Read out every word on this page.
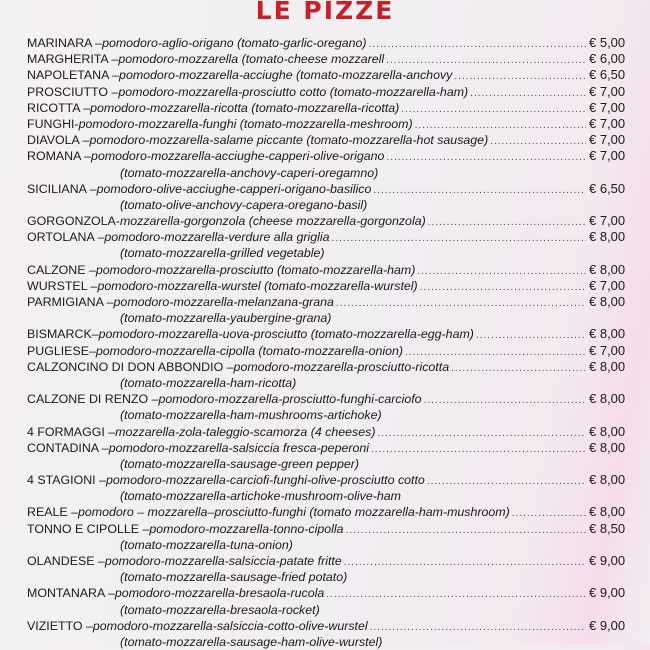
LE PIZZE
MARINARA – pomodoro-aglio-origano (tomato-garlic-oregano) .....	€ 5,00
MARGHERITA – pomodoro-mozzarella (tomato-cheese mozzarell .....	€ 6,00
NAPOLETANA – pomodoro-mozzarella-acciughe (tomato-mozzarella-anchovy .....	€ 6,50
PROSCIUTTO – pomodoro-mozzarella-prosciutto cotto (tomato-mozzarella-ham) .....	€ 7,00
RICOTTA – pomodoro-mozzarella-ricotta (tomato-mozzarella-ricotta) .....	€ 7,00
FUNGHI- pomodoro-mozzarella-funghi (tomato-mozzarella-meshroom) .....	€ 7,00
DIAVOLA – pomodoro-mozzarella-salame piccante (tomato-mozzarella-hot sausage) .....	€ 7,00
ROMANA – pomodoro-mozzarella-acciughe-capperi-olive-origano .....	€ 7,00
(tomato-mozzarella-anchovy-caperi-oregamno)
SICILIANA – pomodoro-olive-acciughe-capperi-origano-basilico .....	€ 6,50
(tomato-olive-anchovy-capera-oregano-basil)
GORGONZOLA- mozzarella-gorgonzola (cheese mozzarella-gorgonzola) .....	€ 7,00
ORTOLANA – pomodoro-mozzarella-verdure alla griglia .....	€ 8,00
(tomato-mozzarella-grilled vegetable)
CALZONE – pomodoro-mozzarella-prosciutto (tomato-mozzarella-ham) .....	€ 8,00
WURSTEL – pomodoro-mozzarella-wurstel (tomato-mozzarella-wurstel) .....	€ 7,00
PARMIGIANA – pomodoro-mozzarella-melanzana-grana .....	€ 8,00
(tomato-mozzarella-yaubergine-grana)
BISMARCK– pomodoro-mozzarella-uova-prosciutto (tomato-mozzarella-egg-ham) .....	€ 8,00
PUGLIESE– pomodoro-mozzarella-cipolla (tomato-mozzarella-onion) .....	€ 7,00
CALZONCINO DI DON ABBONDIO – pomodoro-mozzarella-prosciutto-ricotta .....	€ 8,00
(tomato-mozzarella-ham-ricotta)
CALZONE DI RENZO – pomodoro-mozzarella-prosciutto-funghi-carciofo .....	€ 8,00
(tomato-mozzarella-ham-mushrooms-artichoke)
4 FORMAGGI – mozzarella-zola-taleggio-scamorza (4 cheeses) .....	€ 8,00
CONTADINA – pomodoro-mozzarella-salsiccia fresca-peperoni .....	€ 8,00
(tomato-mozzarella-sausage-green pepper)
4 STAGIONI – pomodoro-mozzarella-carciofi-funghi-olive-prosciutto cotto .....	€ 8,00
(tomato-mozzarella-artichoke-mushroom-olive-ham
REALE – pomodoro – mozzarella–prosciutto-funghi (tomato mozzarella-ham-mushroom) .....	€ 8,00
TONNO E CIPOLLE – pomodoro-mozzarella-tonno-cipolla .....	€ 8,50
(tomato-mozzarella-tuna-onion)
OLANDESE – pomodoro-mozzarella-salsiccia-patate fritte .....	€ 9,00
(tomato-mozzarella-sausage-fried potato)
MONTANARA – pomodoro-mozzarella-bresaola-rucola .....	€ 9,00
(tomato-mozzarella-bresaola-rocket)
VIZIETTO – pomodoro-mozzarella-salsiccia-cotto-olive-wurstel .....	€ 9,00
(tomato-mozzarella-sausage-ham-olive-wurstel)
